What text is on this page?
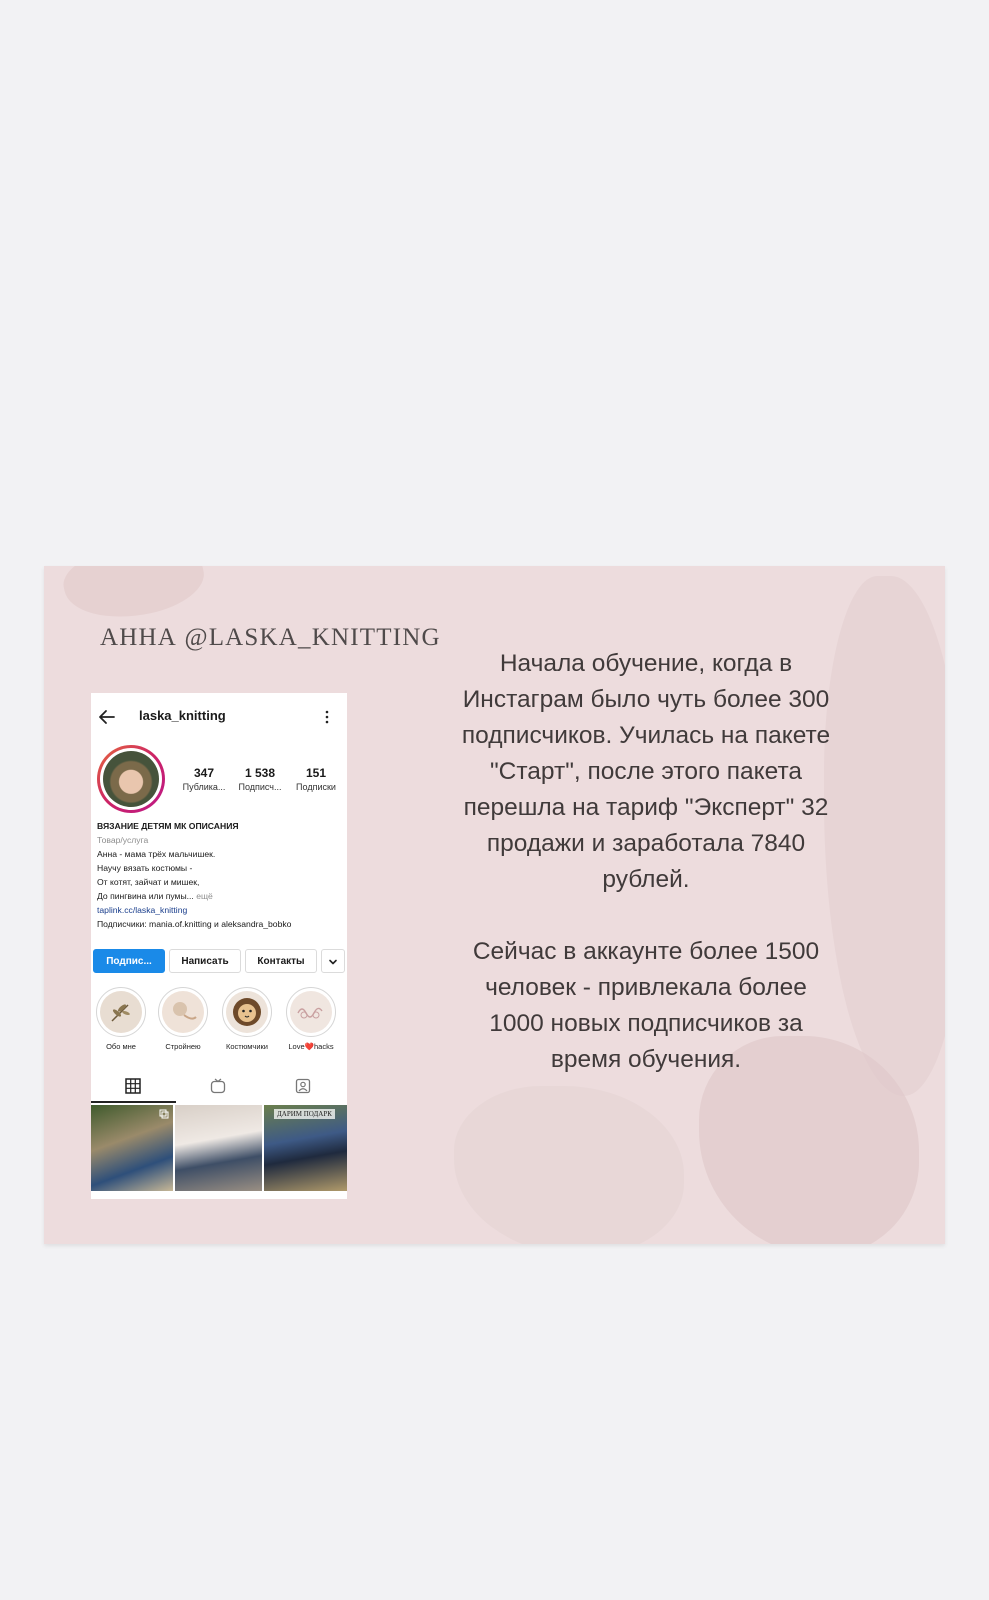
АННА @LASKA_KNITTING
laska_knitting
347
Публика...
1 538
Подписч...
151
Подписки
ВЯЗАНИЕ ДЕТЯМ МК ОПИСАНИЯ
Товар/услуга
Анна - мама трёх мальчишек.
Научу вязать костюмы -
От котят, зайчат и мишек,
До пингвина или пумы... ещё
taplink.cc/laska_knitting
Подписчики: mania.of.knitting и aleksandra_bobko
Подпис...	Написать	Контакты
Обо мне	Стройнею	Костюмчики	Love❤️hacks
ДАРИМ ПОДАРК

Начала обучение, когда в Инстаграм было чуть более 300 подписчиков. Училась на пакете "Старт", после этого пакета перешла на тариф "Эксперт" 32 продажи и заработала 7840 рублей.

Сейчас в аккаунте более 1500 человек - привлекала более 1000 новых подписчиков за время обучения.
